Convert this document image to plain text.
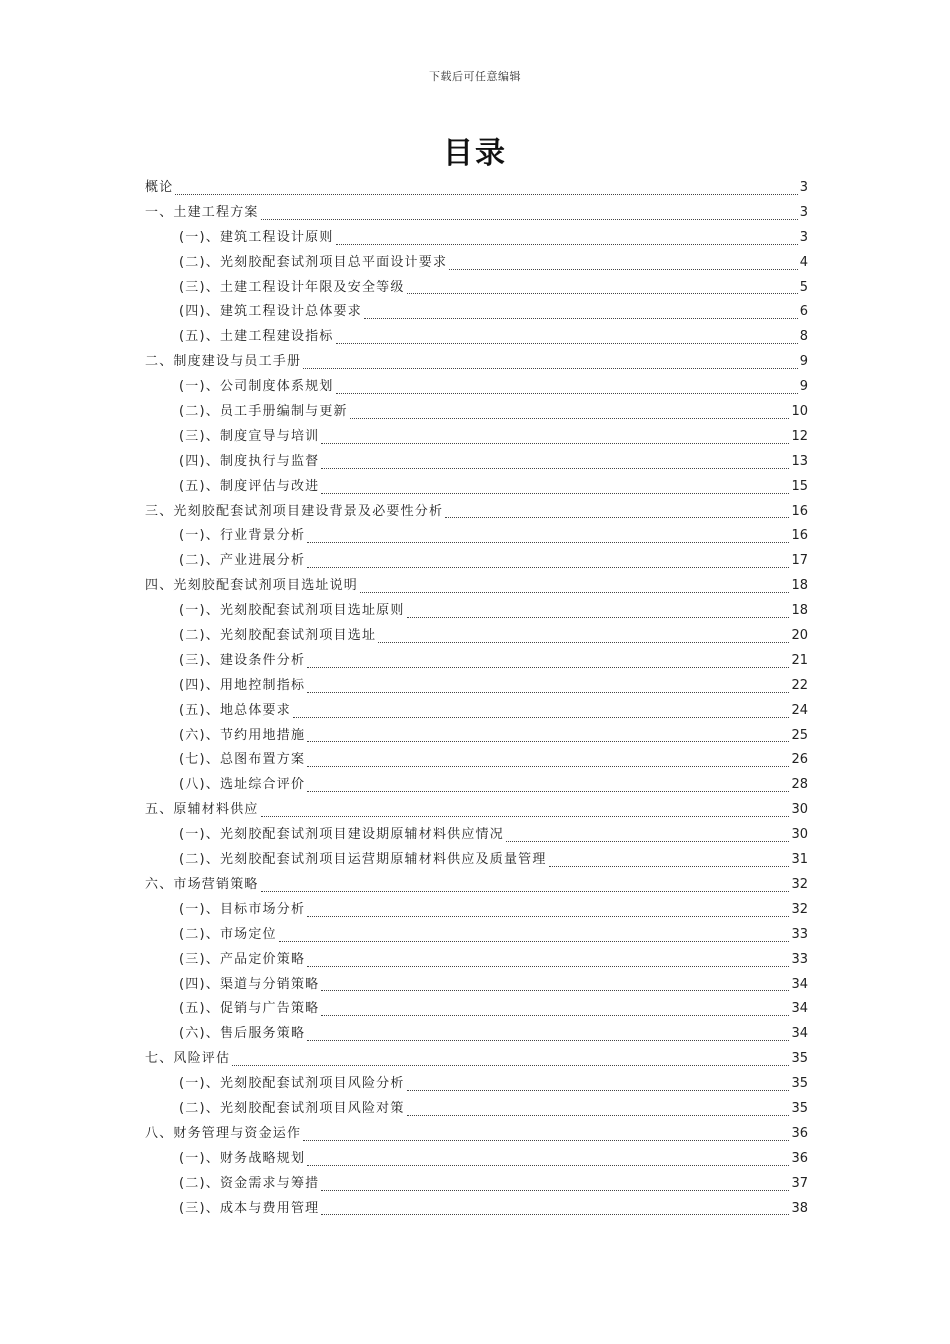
下载后可任意编辑
目录
概论	3
一、土建工程方案	3
(一)、建筑工程设计原则	3
(二)、光刻胶配套试剂项目总平面设计要求	4
(三)、土建工程设计年限及安全等级	5
(四)、建筑工程设计总体要求	6
(五)、土建工程建设指标	8
二、制度建设与员工手册	9
(一)、公司制度体系规划	9
(二)、员工手册编制与更新	10
(三)、制度宣导与培训	12
(四)、制度执行与监督	13
(五)、制度评估与改进	15
三、光刻胶配套试剂项目建设背景及必要性分析	16
(一)、行业背景分析	16
(二)、产业进展分析	17
四、光刻胶配套试剂项目选址说明	18
(一)、光刻胶配套试剂项目选址原则	18
(二)、光刻胶配套试剂项目选址	20
(三)、建设条件分析	21
(四)、用地控制指标	22
(五)、地总体要求	24
(六)、节约用地措施	25
(七)、总图布置方案	26
(八)、选址综合评价	28
五、原辅材料供应	30
(一)、光刻胶配套试剂项目建设期原辅材料供应情况	30
(二)、光刻胶配套试剂项目运营期原辅材料供应及质量管理	31
六、市场营销策略	32
(一)、目标市场分析	32
(二)、市场定位	33
(三)、产品定价策略	33
(四)、渠道与分销策略	34
(五)、促销与广告策略	34
(六)、售后服务策略	34
七、风险评估	35
(一)、光刻胶配套试剂项目风险分析	35
(二)、光刻胶配套试剂项目风险对策	35
八、财务管理与资金运作	36
(一)、财务战略规划	36
(二)、资金需求与筹措	37
(三)、成本与费用管理	38
